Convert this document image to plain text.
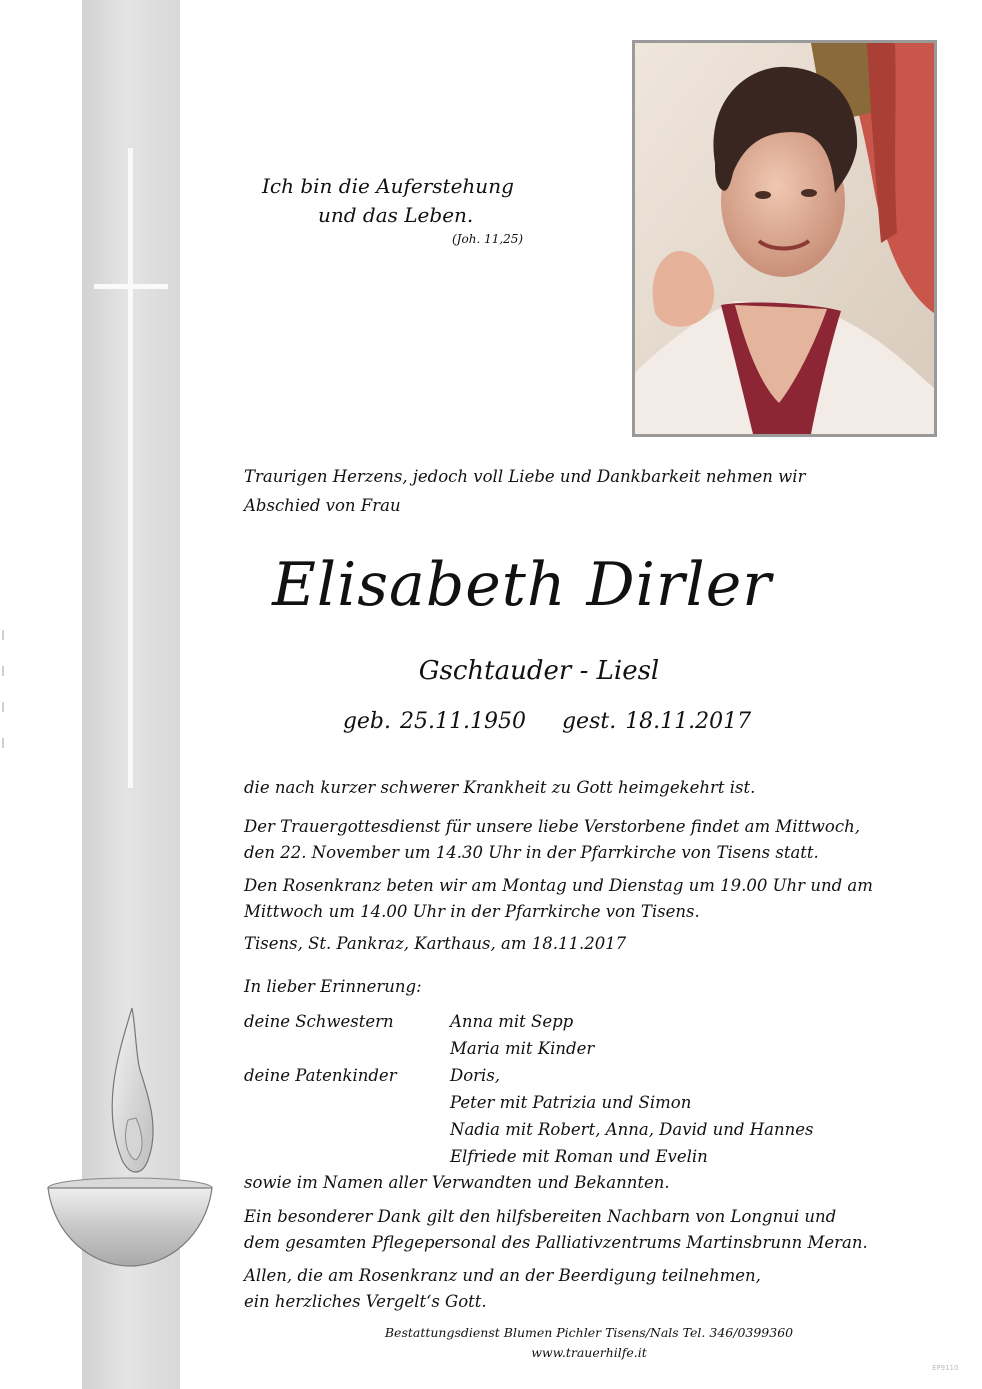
Ich bin die Auferstehung
und das Leben.
(Joh. 11,25)
Traurigen Herzens, jedoch voll Liebe und Dankbarkeit nehmen wir
Abschied von Frau
Elisabeth Dirler
Gschtauder - Liesl
geb. 25.11.1950 gest. 18.11.2017
die nach kurzer schwerer Krankheit zu Gott heimgekehrt ist.
Der Trauergottesdienst für unsere liebe Verstorbene findet am Mittwoch,
den 22. November um 14.30 Uhr in der Pfarrkirche von Tisens statt.
Den Rosenkranz beten wir am Montag und Dienstag um 19.00 Uhr und am
Mittwoch um 14.00 Uhr in der Pfarrkirche von Tisens.
Tisens, St. Pankraz, Karthaus, am 18.11.2017
In lieber Erinnerung:
deine Schwestern	Anna mit Sepp
Maria mit Kinder
deine Patenkinder	Doris,
Peter mit Patrizia und Simon
Nadia mit Robert, Anna, David und Hannes
Elfriede mit Roman und Evelin
sowie im Namen aller Verwandten und Bekannten.
Ein besonderer Dank gilt den hilfsbereiten Nachbarn von Longnui und
dem gesamten Pflegepersonal des Palliativzentrums Martinsbrunn Meran.
Allen, die am Rosenkranz und an der Beerdigung teilnehmen,
ein herzliches Vergelt‘s Gott.
Bestattungsdienst Blumen Pichler Tisens/Nals Tel. 346/0399360
www.trauerhilfe.it
EP9110
